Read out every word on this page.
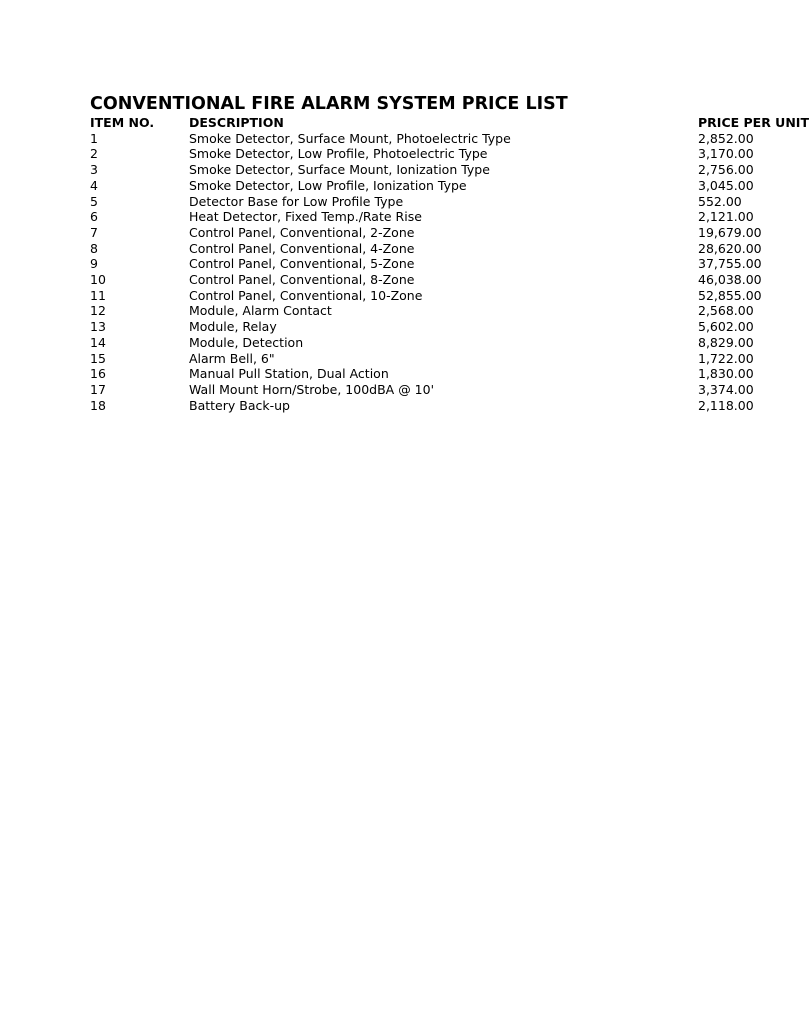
CONVENTIONAL FIRE ALARM SYSTEM PRICE LIST
ITEM NO.	DESCRIPTION	PRICE PER UNIT
1	Smoke Detector, Surface Mount, Photoelectric Type	2,852.00
2	Smoke Detector, Low Profile, Photoelectric Type	3,170.00
3	Smoke Detector, Surface Mount, Ionization Type	2,756.00
4	Smoke Detector, Low Profile, Ionization Type	3,045.00
5	Detector Base for Low Profile Type	552.00
6	Heat Detector, Fixed Temp./Rate Rise	2,121.00
7	Control Panel, Conventional, 2-Zone	19,679.00
8	Control Panel, Conventional, 4-Zone	28,620.00
9	Control Panel, Conventional, 5-Zone	37,755.00
10	Control Panel, Conventional, 8-Zone	46,038.00
11	Control Panel, Conventional, 10-Zone	52,855.00
12	Module, Alarm Contact	2,568.00
13	Module, Relay	5,602.00
14	Module, Detection	8,829.00
15	Alarm Bell, 6"	1,722.00
16	Manual Pull Station, Dual Action	1,830.00
17	Wall Mount Horn/Strobe, 100dBA @ 10'	3,374.00
18	Battery Back-up	2,118.00
